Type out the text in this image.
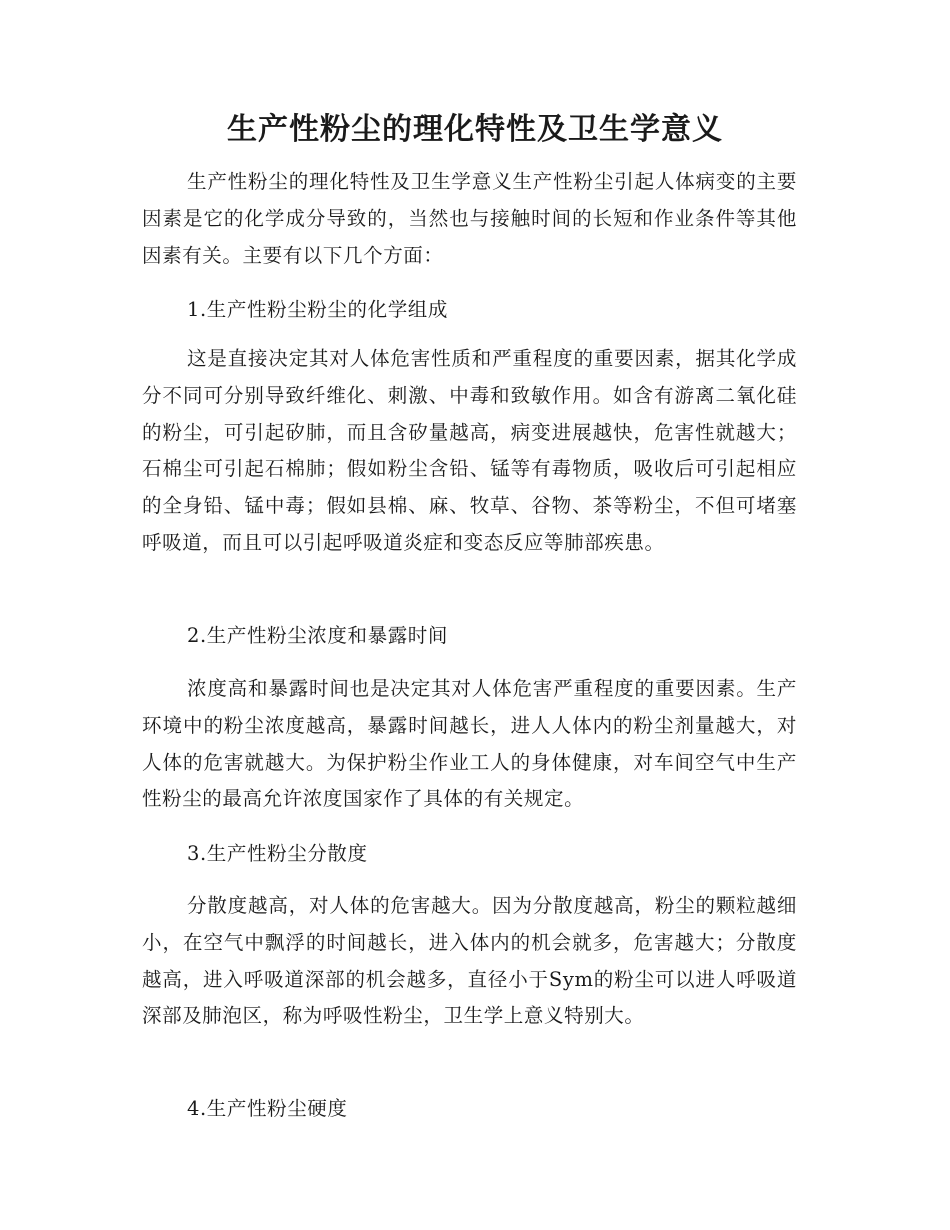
生产性粉尘的理化特性及卫生学意义

生产性粉尘的理化特性及卫生学意义生产性粉尘引起人体病变的主要因素是它的化学成分导致的，当然也与接触时间的长短和作业条件等其他因素有关。主要有以下几个方面：

1.生产性粉尘粉尘的化学组成

这是直接决定其对人体危害性质和严重程度的重要因素，据其化学成分不同可分别导致纤维化、刺激、中毒和致敏作用。如含有游离二氧化硅的粉尘，可引起矽肺，而且含矽量越高，病变进展越快，危害性就越大；石棉尘可引起石棉肺；假如粉尘含铅、锰等有毒物质，吸收后可引起相应的全身铅、锰中毒；假如县棉、麻、牧草、谷物、茶等粉尘，不但可堵塞呼吸道，而且可以引起呼吸道炎症和变态反应等肺部疾患。

2.生产性粉尘浓度和暴露时间

浓度高和暴露时间也是决定其对人体危害严重程度的重要因素。生产环境中的粉尘浓度越高，暴露时间越长，进人人体内的粉尘剂量越大，对人体的危害就越大。为保护粉尘作业工人的身体健康，对车间空气中生产性粉尘的最高允许浓度国家作了具体的有关规定。

3.生产性粉尘分散度

分散度越高，对人体的危害越大。因为分散度越高，粉尘的颗粒越细小，在空气中飘浮的时间越长，进入体内的机会就多，危害越大；分散度越高，进入呼吸道深部的机会越多，直径小于Sym的粉尘可以进人呼吸道深部及肺泡区，称为呼吸性粉尘，卫生学上意义特别大。

4.生产性粉尘硬度
